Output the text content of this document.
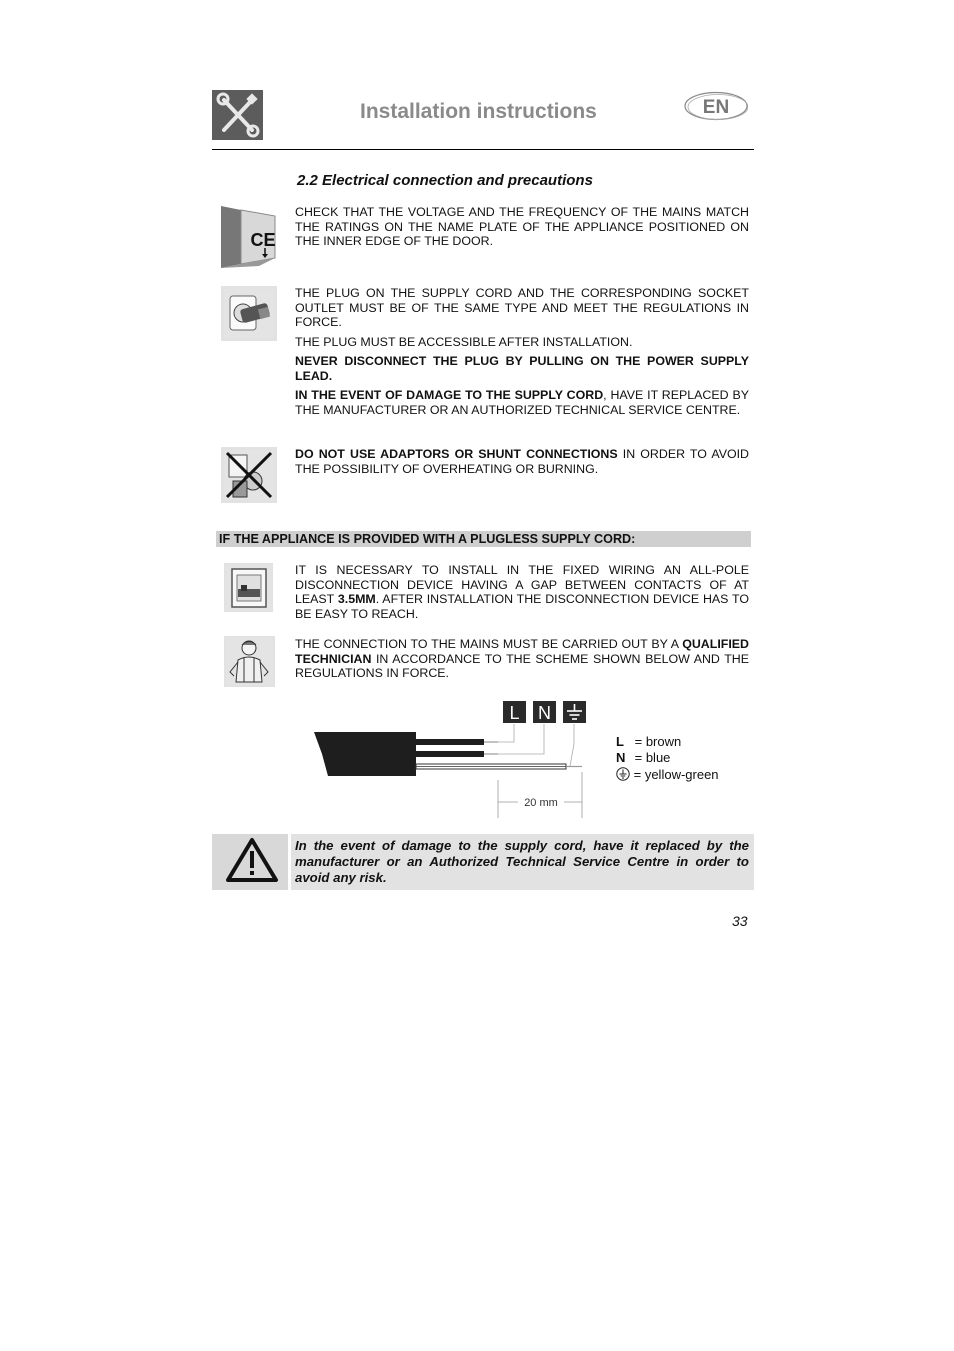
Installation instructions	EN
2.2 Electrical connection and precautions
CE

CHECK THAT THE VOLTAGE AND THE FREQUENCY OF THE MAINS MATCH THE RATINGS ON THE NAME PLATE OF THE APPLIANCE POSITIONED ON THE INNER EDGE OF THE DOOR.

THE PLUG ON THE SUPPLY CORD AND THE CORRESPONDING SOCKET OUTLET MUST BE OF THE SAME TYPE AND MEET THE REGULATIONS IN FORCE.

THE PLUG MUST BE ACCESSIBLE AFTER INSTALLATION.

NEVER DISCONNECT THE PLUG BY PULLING ON THE POWER SUPPLY LEAD.

IN THE EVENT OF DAMAGE TO THE SUPPLY CORD, HAVE IT REPLACED BY THE MANUFACTURER OR AN AUTHORIZED TECHNICAL SERVICE CENTRE.

DO NOT USE ADAPTORS OR SHUNT CONNECTIONS IN ORDER TO AVOID THE POSSIBILITY OF OVERHEATING OR BURNING.

IF THE APPLIANCE IS PROVIDED WITH A PLUGLESS SUPPLY CORD:

IT IS NECESSARY TO INSTALL IN THE FIXED WIRING AN ALL-POLE DISCONNECTION DEVICE HAVING A GAP BETWEEN CONTACTS OF AT LEAST 3.5MM. AFTER INSTALLATION THE DISCONNECTION DEVICE HAS TO BE EASY TO REACH.

THE CONNECTION TO THE MAINS MUST BE CARRIED OUT BY A QUALIFIED TECHNICIAN IN ACCORDANCE TO THE SCHEME SHOWN BELOW AND THE REGULATIONS IN FORCE.

L N
20 mm
L = brown
N = blue
= yellow-green
In the event of damage to the supply cord, have it replaced by the manufacturer or an Authorized Technical Service Centre in order to avoid any risk.
33
